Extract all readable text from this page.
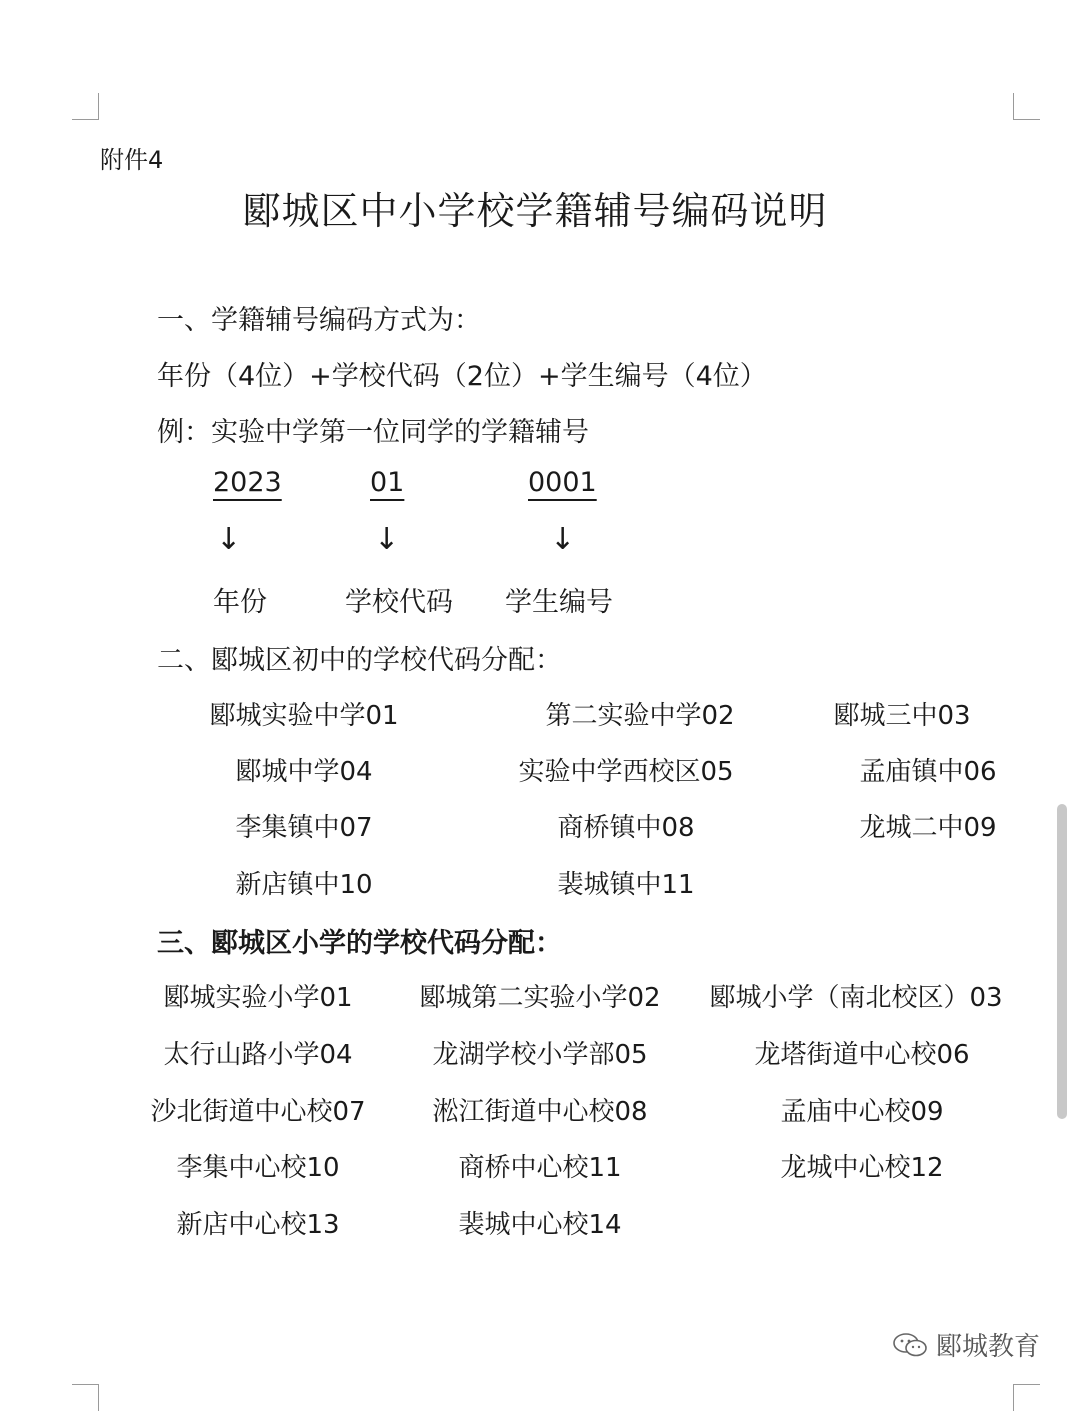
附件4
郾城区中小学校学籍辅号编码说明
一、学籍辅号编码方式为：
年份（4位）+学校代码（2位）+学生编号（4位）
例：实验中学第一位同学的学籍辅号
2023	01	0001
↓	↓	↓
年份	学校代码 学生编号
二、郾城区初中的学校代码分配：
郾城实验中学01	第二实验中学02	郾城三中03
郾城中学04	实验中学西校区05	孟庙镇中06
李集镇中07	商桥镇中08	龙城二中09
新店镇中10	裴城镇中11
三、郾城区小学的学校代码分配：
郾城实验小学01	郾城第二实验小学02	郾城小学（南北校区）03
太行山路小学04	龙湖学校小学部05	龙塔街道中心校06
沙北街道中心校07	淞江街道中心校08	孟庙中心校09
李集中心校10	商桥中心校11	龙城中心校12
新店中心校13	裴城中心校14
郾城教育
